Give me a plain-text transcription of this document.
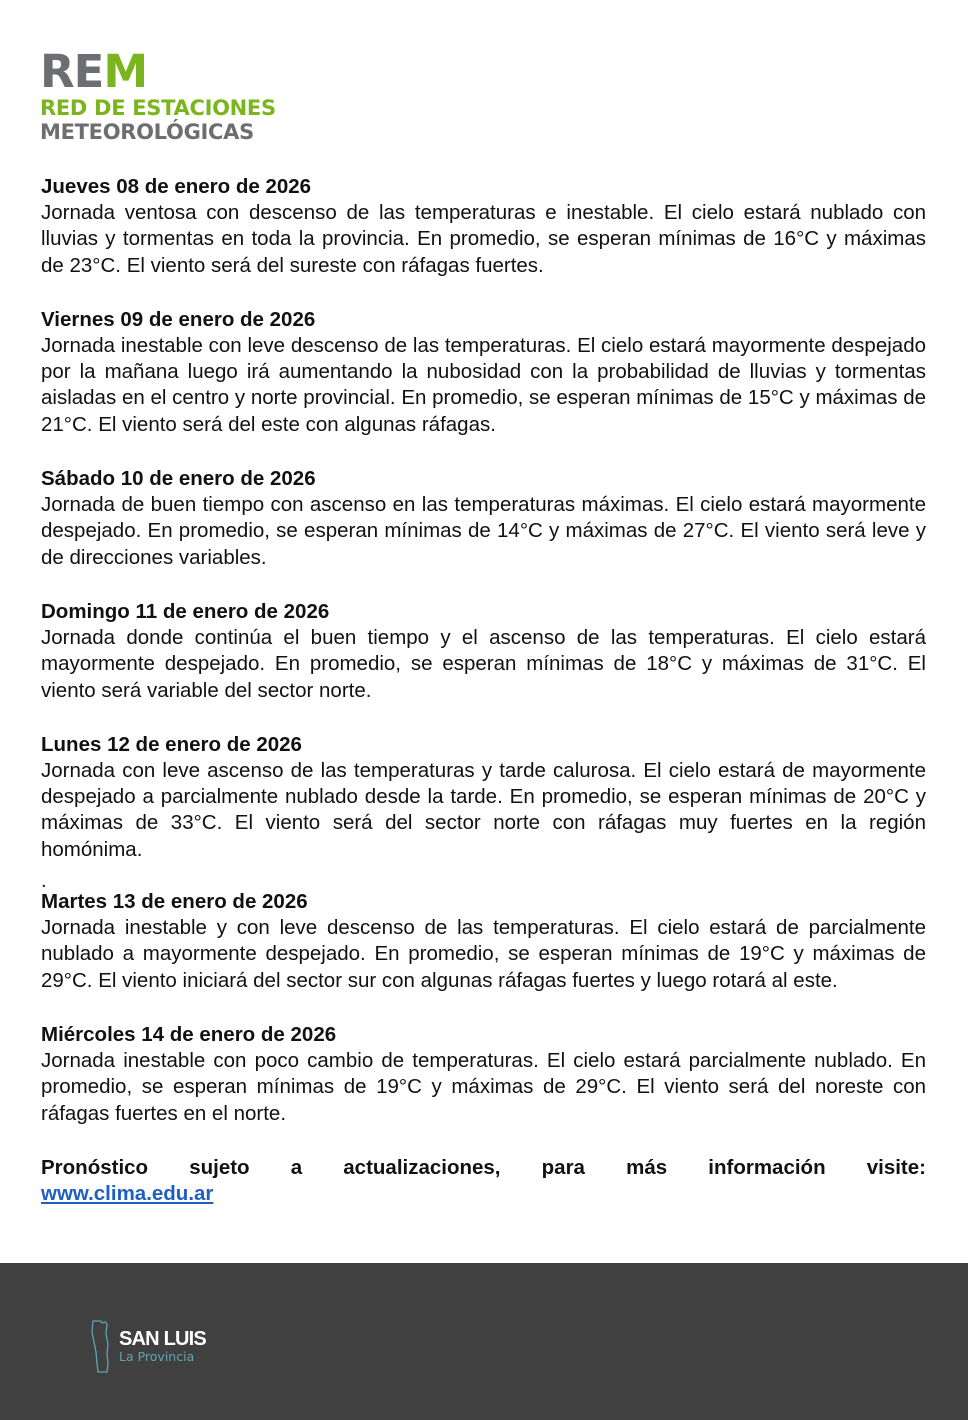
REM
RED DE ESTACIONES
METEOROLÓGICAS
Jueves 08 de enero de 2026
Jornada ventosa con descenso de las temperaturas e inestable. El cielo estará nublado con lluvias y tormentas en toda la provincia. En promedio, se esperan mínimas de 16°C y máximas de 23°C. El viento será del sureste con ráfagas fuertes.
Viernes 09 de enero de 2026
Jornada inestable con leve descenso de las temperaturas. El cielo estará mayormente despejado por la mañana luego irá aumentando la nubosidad con la probabilidad de lluvias y tormentas aisladas en el centro y norte provincial. En promedio, se esperan mínimas de 15°C y máximas de 21°C. El viento será del este con algunas ráfagas.
Sábado 10 de enero de 2026
Jornada de buen tiempo con ascenso en las temperaturas máximas. El cielo estará mayormente despejado. En promedio, se esperan mínimas de 14°C y máximas de 27°C. El viento será leve y de direcciones variables.
Domingo 11 de enero de 2026
Jornada donde continúa el buen tiempo y el ascenso de las temperaturas. El cielo estará mayormente despejado. En promedio, se esperan mínimas de 18°C y máximas de 31°C. El viento será variable del sector norte.
Lunes 12 de enero de 2026
Jornada con leve ascenso de las temperaturas y tarde calurosa. El cielo estará de mayormente despejado a parcialmente nublado desde la tarde. En promedio, se esperan mínimas de 20°C y máximas de 33°C. El viento será del sector norte con ráfagas muy fuertes en la región homónima.
.
Martes 13 de enero de 2026
Jornada inestable y con leve descenso de las temperaturas. El cielo estará de parcialmente nublado a mayormente despejado. En promedio, se esperan mínimas de 19°C y máximas de 29°C. El viento iniciará del sector sur con algunas ráfagas fuertes y luego rotará al este.
Miércoles 14 de enero de 2026
Jornada inestable con poco cambio de temperaturas. El cielo estará parcialmente nublado. En promedio, se esperan mínimas de 19°C y máximas de 29°C. El viento será del noreste con ráfagas fuertes en el norte.
Pronóstico sujeto a actualizaciones, para más información visite:
www.clima.edu.ar
SAN LUIS
La Provincia
